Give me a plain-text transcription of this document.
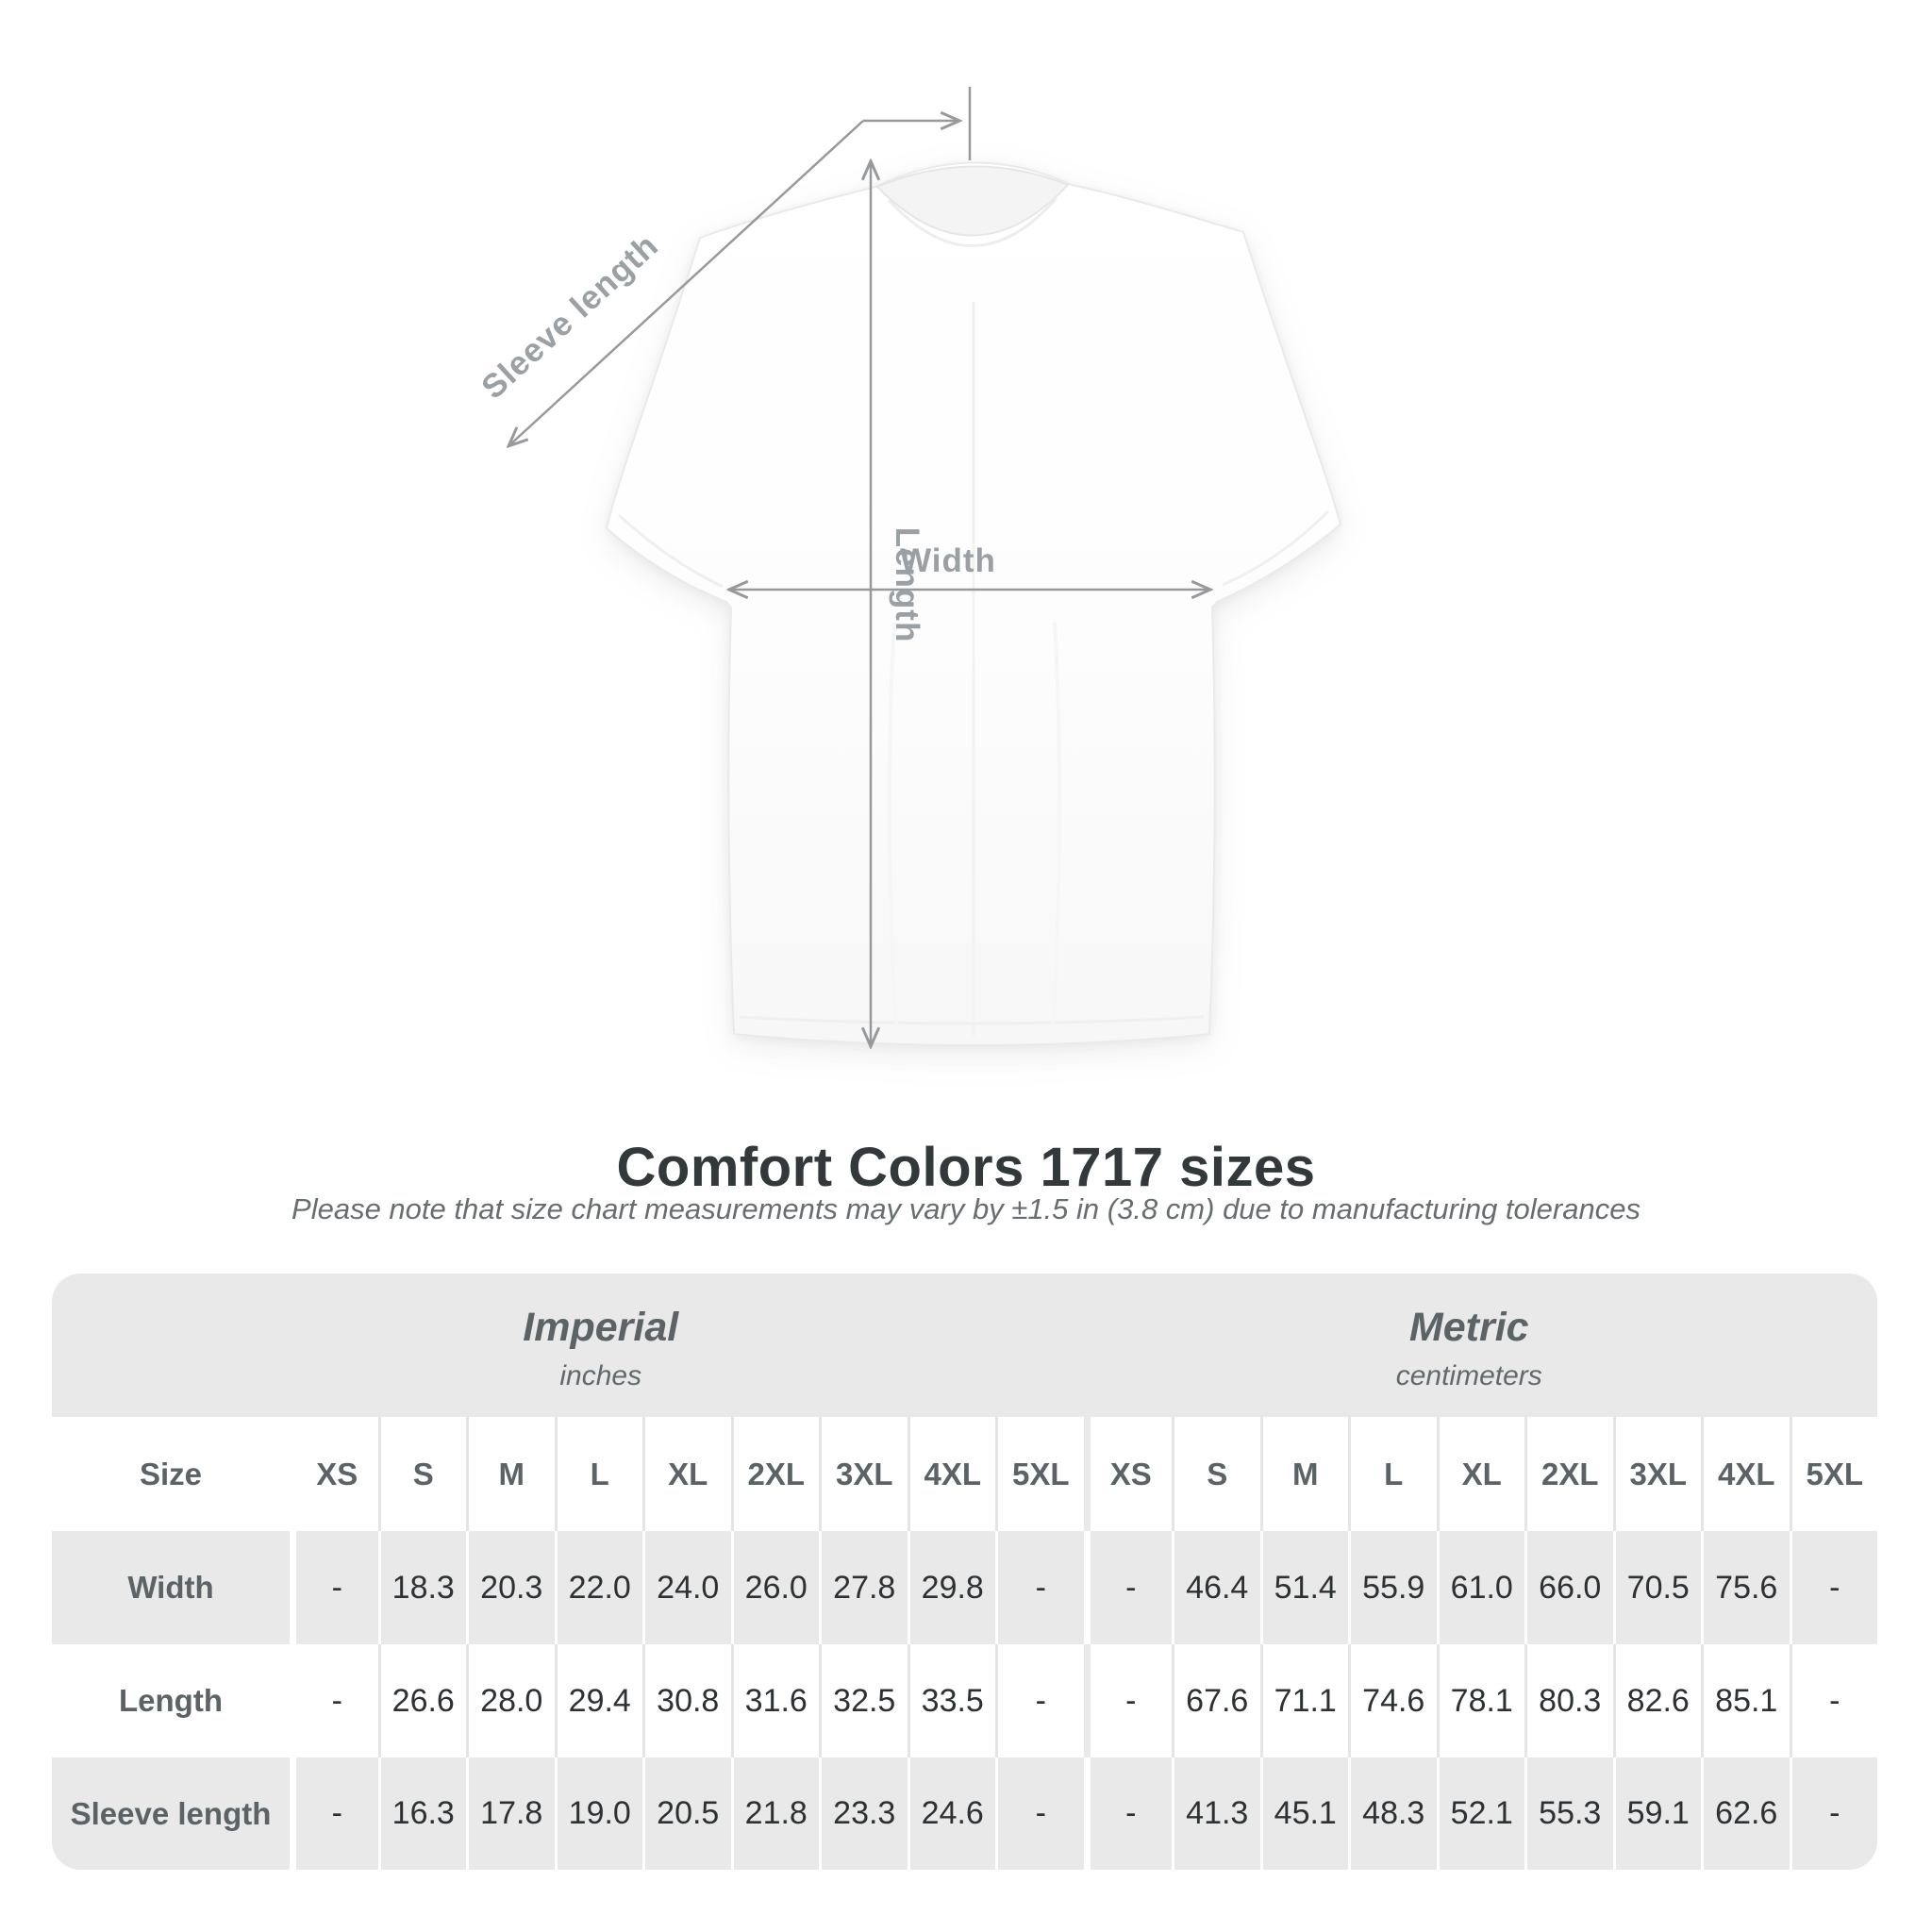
Sleeve length
Length
Width
Comfort Colors 1717 sizes
Please note that size chart measurements may vary by ±1.5 in (3.8 cm) due to manufacturing tolerances
Imperial
inches
Metric
centimeters
Size	XS	S	M	L	XL	2XL 3XL 4XL 5XL	XS	S	M	L	XL	2XL 3XL 4XL 5XL
Width	-	18.3 20.3 22.0 24.0 26.0 27.8 29.8	-	-	46.4 51.4 55.9 61.0 66.0 70.5 75.6	-
Length	-	26.6 28.0 29.4 30.8 31.6 32.5 33.5	-	-	67.6 71.1 74.6 78.1 80.3 82.6 85.1	-
Sleeve length	-	16.3 17.8 19.0 20.5 21.8 23.3 24.6	-	-	41.3 45.1 48.3 52.1 55.3 59.1 62.6	-
